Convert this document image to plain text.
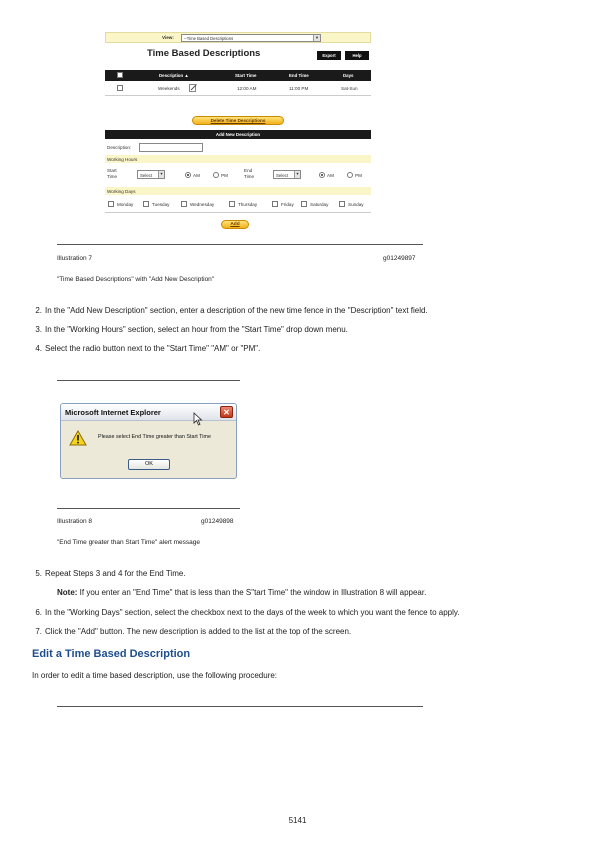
View:	--Time Based Descriptions	▼
Time Based Descriptions	Export	Help
Description ▲	Start Time	End Time	Days
Weekends	12:00 AM	11:00 PM	Sat-Sun
Delete Time Descriptions
Add New Description
Description:
Working Hours
Start
Time	Select	▼	AM	PM
End
Time	Select	▼	AM	PM
Working Days
Monday	Tuesday	Wednesday	Thursday	Friday	Saturday	Sunday
Add
Illustration 7	g01249897
"Time Based Descriptions" with "Add New Description"
2. In the "Add New Description" section, enter a description of the new time fence in the "Description" text field.
3. In the "Working Hours" section, select an hour from the "Start Time" drop down menu.
4. Select the radio button next to the "Start Time" "AM" or "PM".
Microsoft Internet Explorer	✕
Please select End Time greater than Start Time
OK
Illustration 8	g01249898
"End Time greater than Start Time" alert message
5. Repeat Steps 3 and 4 for the End Time.
Note: If you enter an "End Time" that is less than the S"tart Time" the window in Illustration 8 will appear.
6. In the "Working Days" section, select the checkbox next to the days of the week to which you want the fence to apply.
7. Click the "Add" button. The new description is added to the list at the top of the screen.
Edit a Time Based Description
In order to edit a time based description, use the following procedure:
5141
